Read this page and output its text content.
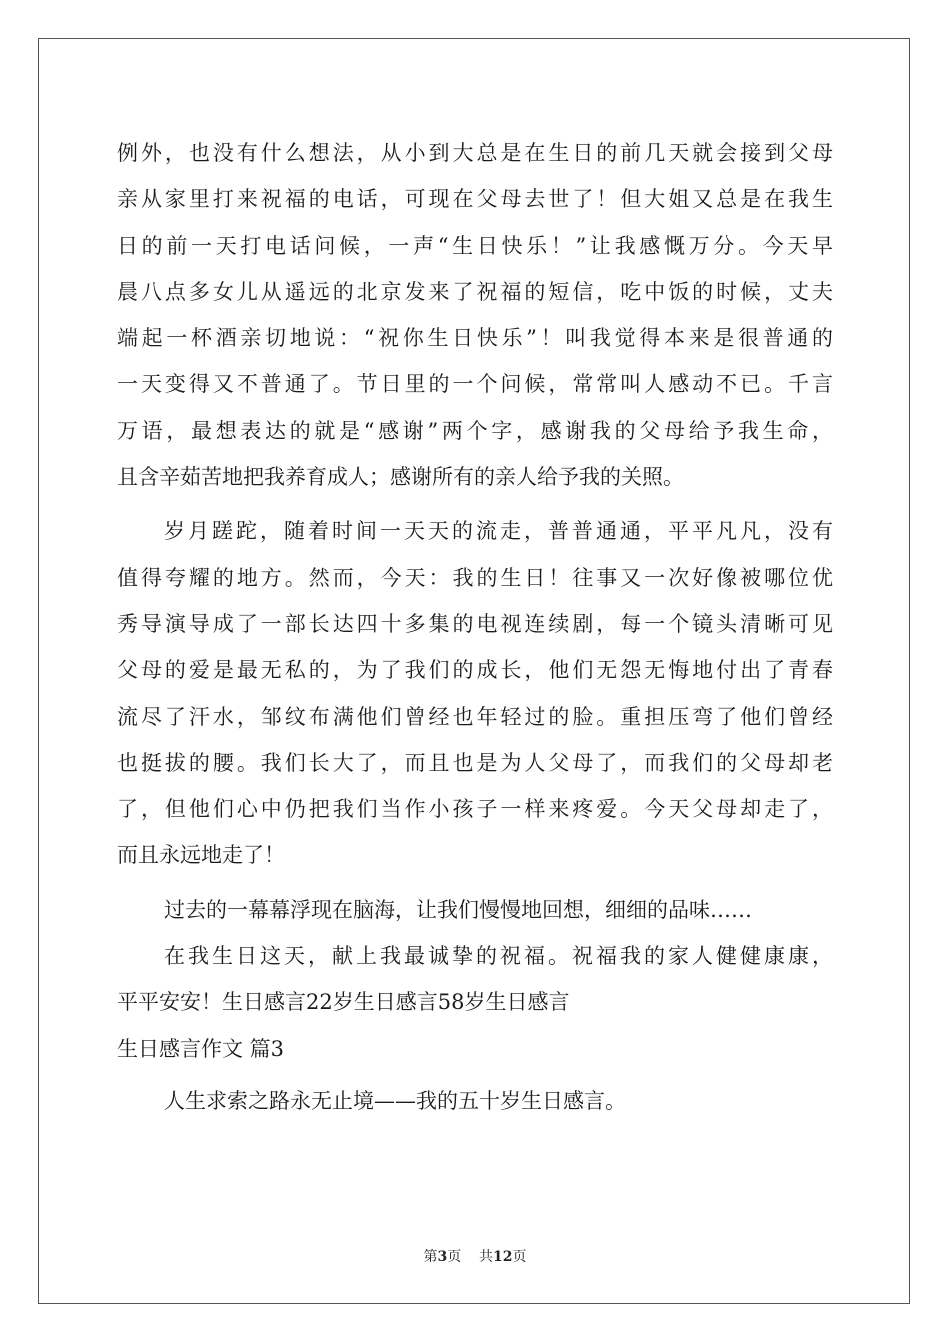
例外，也没有什么想法，从小到大总是在生日的前几天就会接到父母
亲从家里打来祝福的电话，可现在父母去世了！但大姐又总是在我生
日的前一天打电话问候，一声“生日快乐！”让我感慨万分。今天早
晨八点多女儿从遥远的北京发来了祝福的短信，吃中饭的时候，丈夫
端起一杯酒亲切地说：“祝你生日快乐”！叫我觉得本来是很普通的
一天变得又不普通了。节日里的一个问候，常常叫人感动不已。千言
万语，最想表达的就是“感谢”两个字，感谢我的父母给予我生命，
且含辛茹苦地把我养育成人；感谢所有的亲人给予我的关照。
岁月蹉跎，随着时间一天天的流走，普普通通，平平凡凡，没有
值得夸耀的地方。然而，今天：我的生日！往事又一次好像被哪位优
秀导演导成了一部长达四十多集的电视连续剧，每一个镜头清晰可见
父母的爱是最无私的，为了我们的成长，他们无怨无悔地付出了青春
流尽了汗水，邹纹布满他们曾经也年轻过的脸。重担压弯了他们曾经
也挺拔的腰。我们长大了，而且也是为人父母了，而我们的父母却老
了，但他们心中仍把我们当作小孩子一样来疼爱。今天父母却走了，
而且永远地走了！
过去的一幕幕浮现在脑海，让我们慢慢地回想，细细的品味……
在我生日这天，献上我最诚挚的祝福。祝福我的家人健健康康，
平平安安！生日感言22岁生日感言58岁生日感言
生日感言作文 篇3
人生求索之路永无止境——我的五十岁生日感言。
第3页 共12页
